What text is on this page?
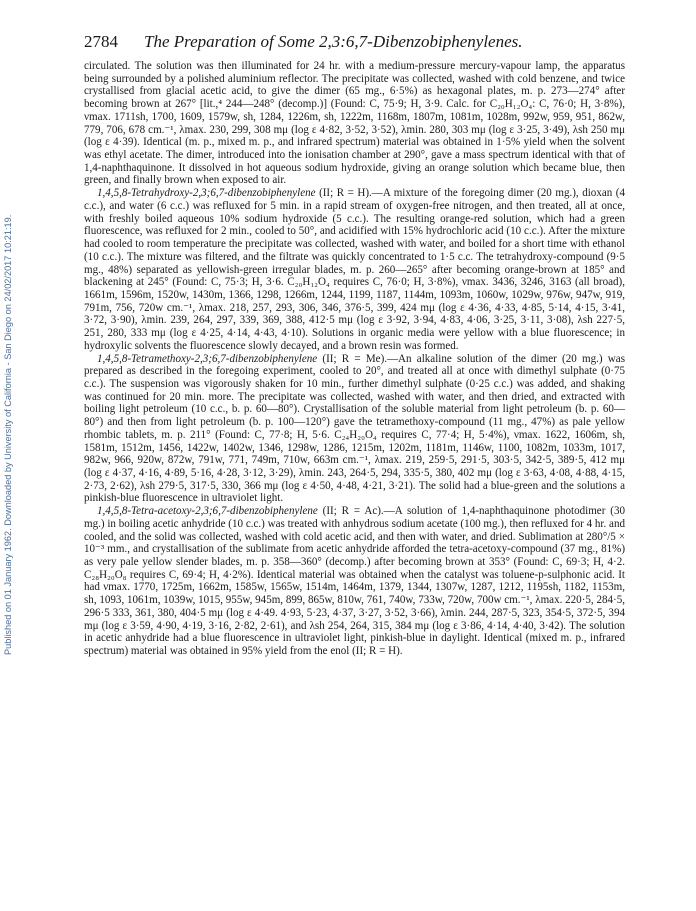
Published on 01 January 1962. Downloaded by University of California - San Diego on 24/02/2017 10:21:19.
2784 The Preparation of Some 2,3:6,7-Dibenzobiphenylenes.

circulated. The solution was then illuminated for 24 hr. with a medium-pressure mercury-vapour lamp, the apparatus being surrounded by a polished aluminium reflector. The precipitate was collected, washed with cold benzene, and twice crystallised from glacial acetic acid, to give the dimer (65 mg., 6·5%) as hexagonal plates, m. p. 273—274° after becoming brown at 267° [lit.,⁴ 244—248° (decomp.)] (Found: C, 75·9; H, 3·9. Calc. for C₂₀H₁₂O₄: C, 76·0; H, 3·8%), νmax. 1711sh, 1700, 1609, 1579w, sh, 1284, 1226m, sh, 1222m, 1168m, 1807m, 1081m, 1028m, 992w, 959, 951, 862w, 779, 706, 678 cm.⁻¹, λmax. 230, 299, 308 mμ (log ε 4·82, 3·52, 3·52), λmin. 280, 303 mμ (log ε 3·25, 3·49), λsh 250 mμ (log ε 4·39). Identical (m. p., mixed m. p., and infrared spectrum) material was obtained in 1·5% yield when the solvent was ethyl acetate. The dimer, introduced into the ionisation chamber at 290°, gave a mass spectrum identical with that of 1,4-naphthaquinone. It dissolved in hot aqueous sodium hydroxide, giving an orange solution which became blue, then green, and finally brown when exposed to air.

1,4,5,8-Tetrahydroxy-2,3;6,7-dibenzobiphenylene (II; R = H).—A mixture of the foregoing dimer (20 mg.), dioxan (4 c.c.), and water (6 c.c.) was refluxed for 5 min. in a rapid stream of oxygen-free nitrogen, and then treated, all at once, with freshly boiled aqueous 10% sodium hydroxide (5 c.c.). The resulting orange-red solution, which had a green fluorescence, was refluxed for 2 min., cooled to 50°, and acidified with 15% hydrochloric acid (10 c.c.). After the mixture had cooled to room temperature the precipitate was collected, washed with water, and boiled for a short time with ethanol (10 c.c.). The mixture was filtered, and the filtrate was quickly concentrated to 1·5 c.c. The tetrahydroxy-compound (9·5 mg., 48%) separated as yellowish-green irregular blades, m. p. 260—265° after becoming orange-brown at 185° and blackening at 245° (Found: C, 75·3; H, 3·6. C₂₀H₁₂O₄ requires C, 76·0; H, 3·8%), νmax. 3436, 3246, 3163 (all broad), 1661m, 1596m, 1520w, 1430m, 1366, 1298, 1266m, 1244, 1199, 1187, 1144m, 1093m, 1060w, 1029w, 976w, 947w, 919, 791m, 756, 720w cm.⁻¹, λmax. 218, 257, 293, 306, 346, 376·5, 399, 424 mμ (log ε 4·36, 4·33, 4·85, 5·14, 4·15, 3·41, 3·72, 3·90), λmin. 239, 264, 297, 339, 369, 388, 412·5 mμ (log ε 3·92, 3·94, 4·83, 4·06, 3·25, 3·11, 3·08), λsh 227·5, 251, 280, 333 mμ (log ε 4·25, 4·14, 4·43, 4·10). Solutions in organic media were yellow with a blue fluorescence; in hydroxylic solvents the fluorescence slowly decayed, and a brown resin was formed.

1,4,5,8-Tetramethoxy-2,3;6,7-dibenzobiphenylene (II; R = Me).—An alkaline solution of the dimer (20 mg.) was prepared as described in the foregoing experiment, cooled to 20°, and treated all at once with dimethyl sulphate (0·75 c.c.). The suspension was vigorously shaken for 10 min., further dimethyl sulphate (0·25 c.c.) was added, and shaking was continued for 20 min. more. The precipitate was collected, washed with water, and then dried, and extracted with boiling light petroleum (10 c.c., b. p. 60—80°). Crystallisation of the soluble material from light petroleum (b. p. 60—80°) and then from light petroleum (b. p. 100—120°) gave the tetramethoxy-compound (11 mg., 47%) as pale yellow rhombic tablets, m. p. 211° (Found: C, 77·8; H, 5·6. C₂₄H₂₀O₄ requires C, 77·4; H, 5·4%), νmax. 1622, 1606m, sh, 1581m, 1512m, 1456, 1422w, 1402w, 1346, 1298w, 1286, 1215m, 1202m, 1181m, 1146w, 1100, 1082m, 1033m, 1017, 982w, 966, 920w, 872w, 791w, 771, 749m, 710w, 663m cm.⁻¹, λmax. 219, 259·5, 291·5, 303·5, 342·5, 389·5, 412 mμ (log ε 4·37, 4·16, 4·89, 5·16, 4·28, 3·12, 3·29), λmin. 243, 264·5, 294, 335·5, 380, 402 mμ (log ε 3·63, 4·08, 4·88, 4·15, 2·73, 2·62), λsh 279·5, 317·5, 330, 366 mμ (log ε 4·50, 4·48, 4·21, 3·21). The solid had a blue-green and the solutions a pinkish-blue fluorescence in ultraviolet light.

1,4,5,8-Tetra-acetoxy-2,3;6,7-dibenzobiphenylene (II; R = Ac).—A solution of 1,4-naphthaquinone photodimer (30 mg.) in boiling acetic anhydride (10 c.c.) was treated with anhydrous sodium acetate (100 mg.), then refluxed for 4 hr. and cooled, and the solid was collected, washed with cold acetic acid, and then with water, and dried. Sublimation at 280°/5 × 10⁻³ mm., and crystallisation of the sublimate from acetic anhydride afforded the tetra-acetoxy-compound (37 mg., 81%) as very pale yellow slender blades, m. p. 358—360° (decomp.) after becoming brown at 353° (Found: C, 69·3; H, 4·2. C₂₈H₂₀O₈ requires C, 69·4; H, 4·2%). Identical material was obtained when the catalyst was toluene-p-sulphonic acid. It had νmax. 1770, 1725m, 1662m, 1585w, 1565w, 1514m, 1464m, 1379, 1344, 1307w, 1287, 1212, 1195sh, 1182, 1153m, sh, 1093, 1061m, 1039w, 1015, 955w, 945m, 899, 865w, 810w, 761, 740w, 733w, 720w, 700w cm.⁻¹, λmax. 220·5, 284·5, 296·5 333, 361, 380, 404·5 mμ (log ε 4·49. 4·93, 5·23, 4·37, 3·27, 3·52, 3·66), λmin. 244, 287·5, 323, 354·5, 372·5, 394 mμ (log ε 3·59, 4·90, 4·19, 3·16, 2·82, 2·61), and λsh 254, 264, 315, 384 mμ (log ε 3·86, 4·14, 4·40, 3·42). The solution in acetic anhydride had a blue fluorescence in ultraviolet light, pinkish-blue in daylight. Identical (mixed m. p., infrared spectrum) material was obtained in 95% yield from the enol (II; R = H).
